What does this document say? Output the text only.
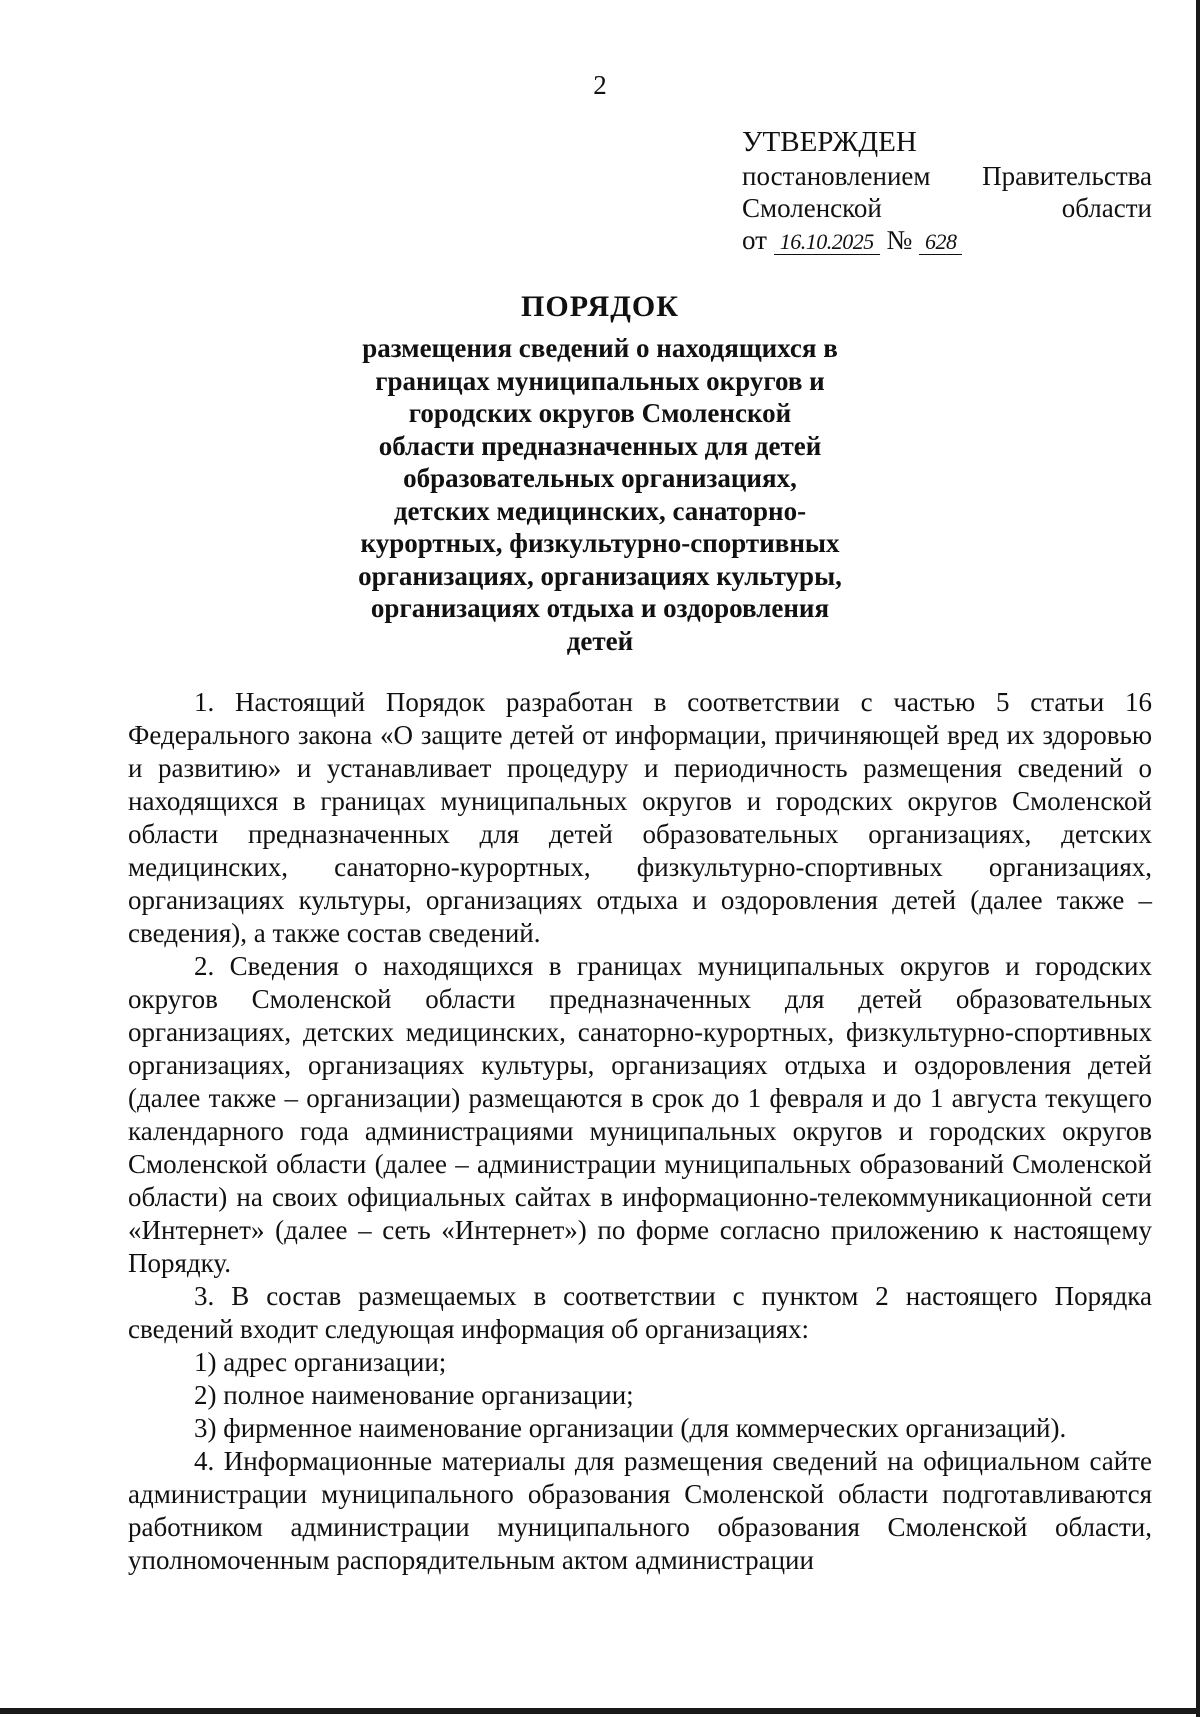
2
УТВЕРЖДЕН
постановлением Правительства
Смоленской	области
от 16.10.2025 № 628
ПОРЯДОК
размещения сведений о находящихся в
границах муниципальных округов и
городских округов Смоленской
области предназначенных для детей
образовательных организациях,
детских медицинских, санаторно-
курортных, физкультурно-спортивных
организациях, организациях культуры,
организациях отдыха и оздоровления
детей

1. Настоящий Порядок разработан в соответствии с частью 5 статьи 16 Федерального закона «О защите детей от информации, причиняющей вред их здоровью и развитию» и устанавливает процедуру и периодичность размещения сведений о находящихся в границах муниципальных округов и городских округов Смоленской области предназначенных для детей образовательных организациях, детских медицинских, санаторно-курортных, физкультурно-спортивных организациях, организациях культуры, организациях отдыха и оздоровления детей (далее также – сведения), а также состав сведений.

2. Сведения о находящихся в границах муниципальных округов и городских округов Смоленской области предназначенных для детей образовательных организациях, детских медицинских, санаторно-курортных, физкультурно-спортивных организациях, организациях культуры, организациях отдыха и оздоровления детей (далее также – организации) размещаются в срок до 1 февраля и до 1 августа текущего календарного года администрациями муниципальных округов и городских округов Смоленской области (далее – администрации муниципальных образований Смоленской области) на своих официальных сайтах в информационно-телекоммуникационной сети «Интернет» (далее – сеть «Интернет») по форме согласно приложению к настоящему Порядку.

3. В состав размещаемых в соответствии с пунктом 2 настоящего Порядка сведений входит следующая информация об организациях:

1) адрес организации;

2) полное наименование организации;

3) фирменное наименование организации (для коммерческих организаций).

4. Информационные материалы для размещения сведений на официальном сайте администрации муниципального образования Смоленской области подготавливаются работником администрации муниципального образования Смоленской области, уполномоченным распорядительным актом администрации
